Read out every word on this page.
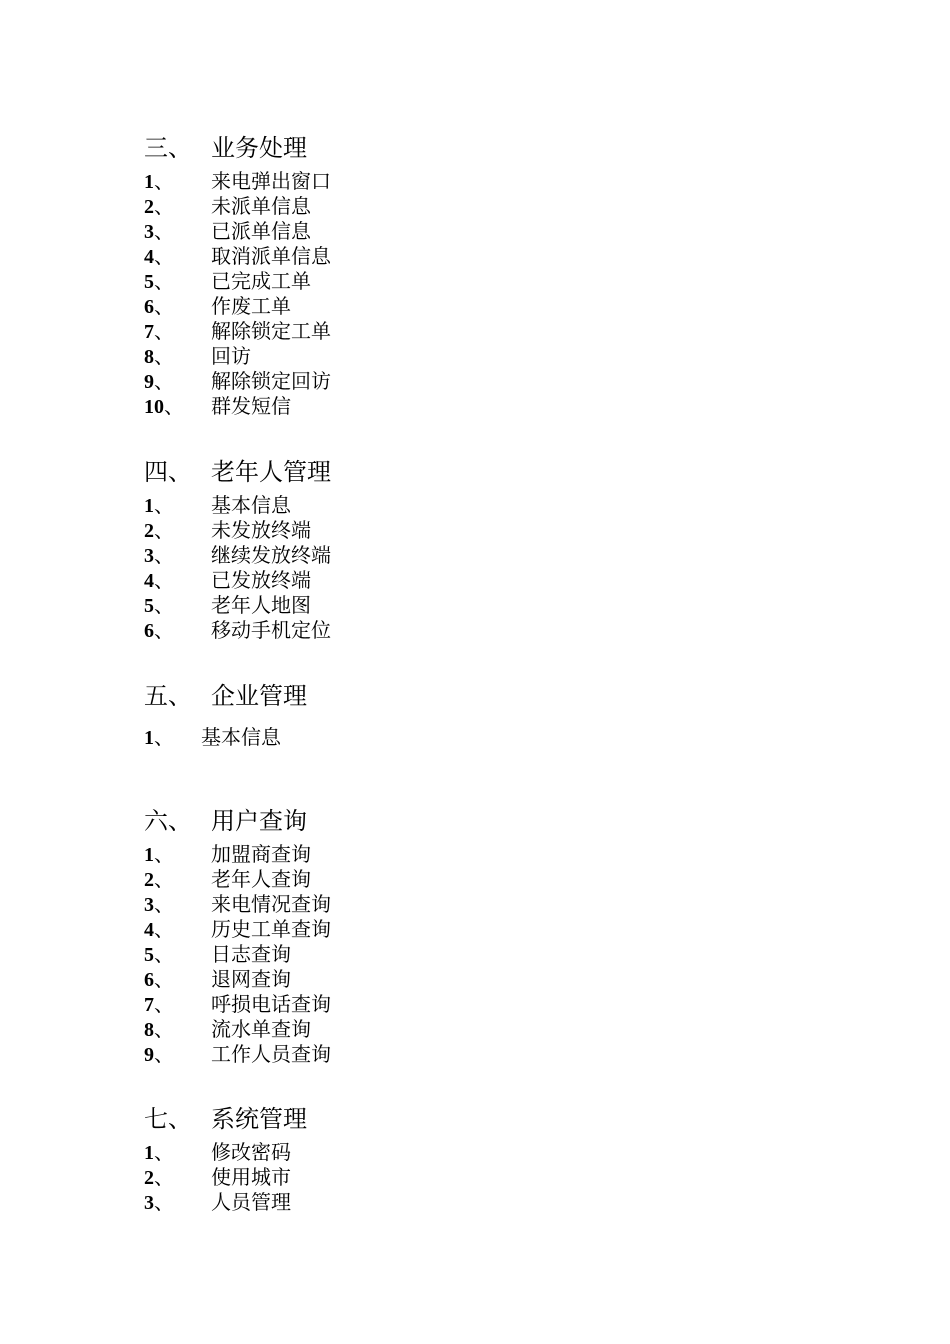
三、 业务处理
1、	来电弹出窗口
2、	未派单信息
3、	已派单信息
4、	取消派单信息
5、	已完成工单
6、	作废工单
7、	解除锁定工单
8、	回访
9、	解除锁定回访
10、	群发短信
四、 老年人管理
1、	基本信息
2、	未发放终端
3、	继续发放终端
4、	已发放终端
5、	老年人地图
6、	移动手机定位
五、 企业管理
1、	基本信息
六、 用户查询
1、	加盟商查询
2、	老年人查询
3、	来电情况查询
4、	历史工单查询
5、	日志查询
6、	退网查询
7、	呼损电话查询
8、	流水单查询
9、	工作人员查询
七、 系统管理
1、	修改密码
2、	使用城市
3、	人员管理
